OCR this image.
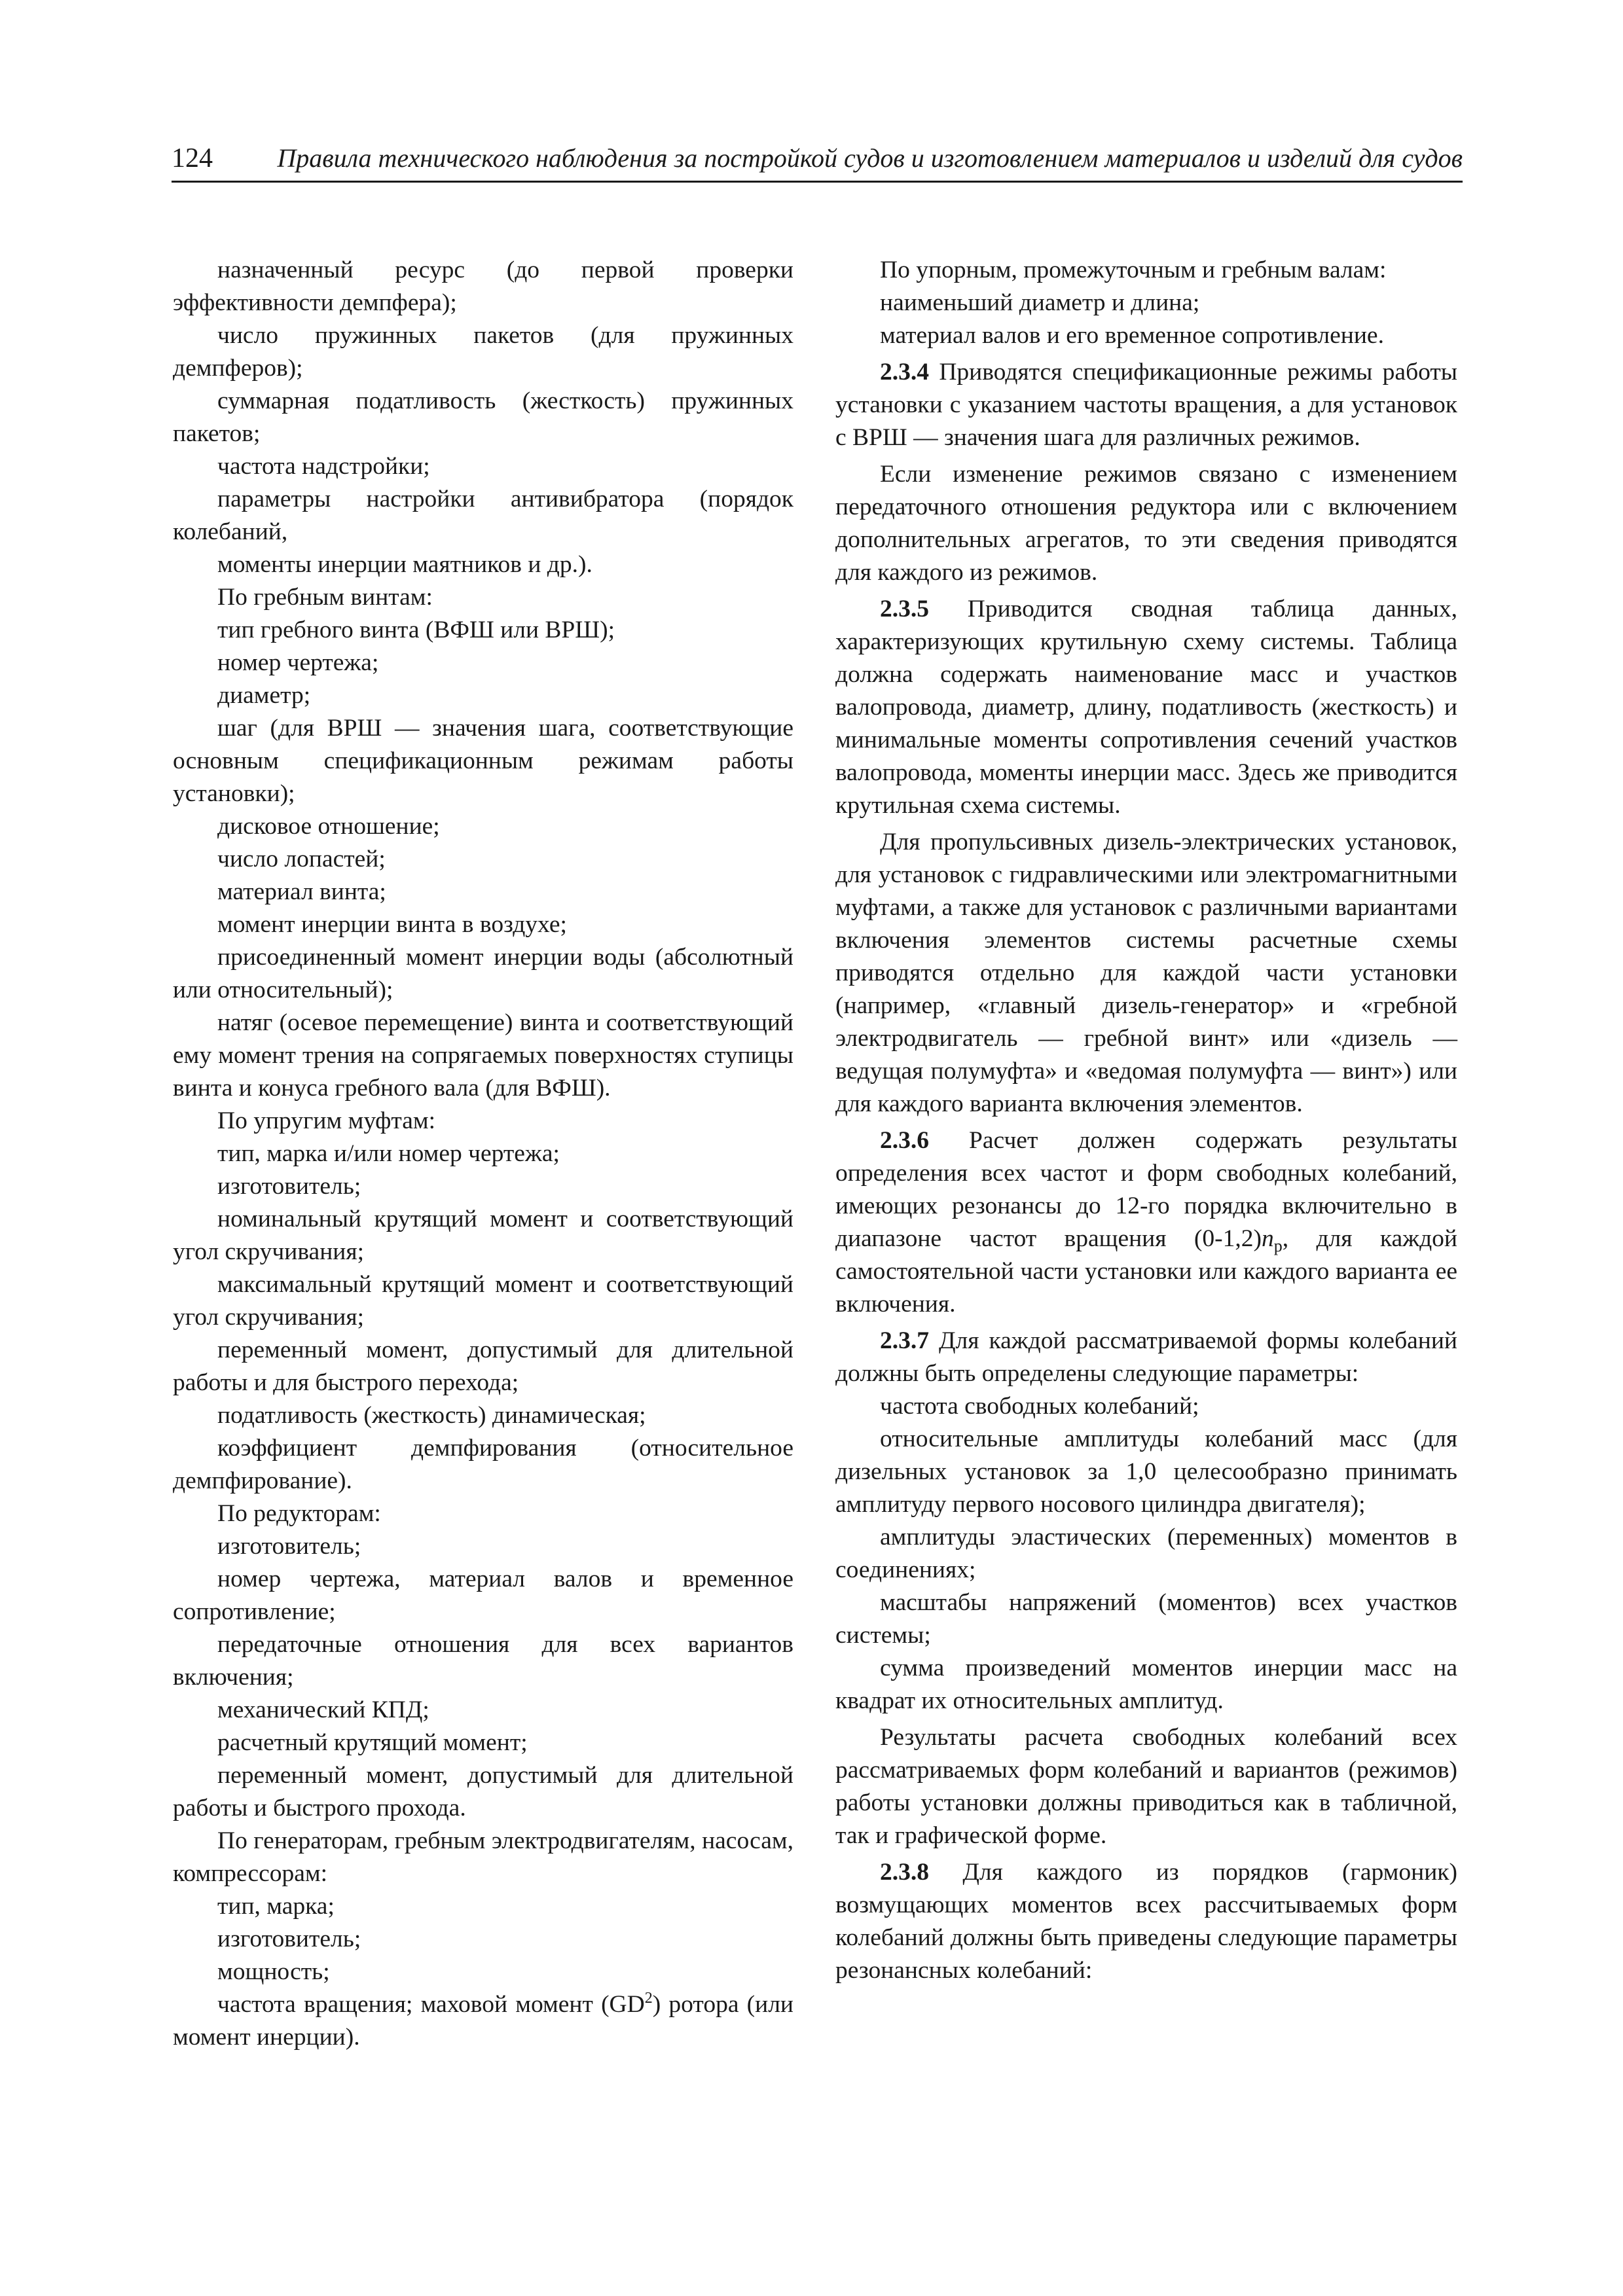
124 Правила технического наблюдения за постройкой судов и изготовлением материалов и изделий для судов

назначенный ресурс (до первой проверки эффективности демпфера);

число пружинных пакетов (для пружинных демпферов);

суммарная податливость (жесткость) пружинных пакетов;

частота надстройки;

параметры настройки антивибратора (порядок колебаний,

моменты инерции маятников и др.).

По гребным винтам:

тип гребного винта (ВФШ или ВРШ);

номер чертежа;

диаметр;

шаг (для ВРШ — значения шага, соответствующие основным спецификационным режимам работы установки);

дисковое отношение;

число лопастей;

материал винта;

момент инерции винта в воздухе;

присоединенный момент инерции воды (абсолютный или относительный);

натяг (осевое перемещение) винта и соответствующий ему момент трения на сопрягаемых поверхностях ступицы винта и конуса гребного вала (для ВФШ).

По упругим муфтам:

тип, марка и/или номер чертежа;

изготовитель;

номинальный крутящий момент и соответствующий угол скручивания;

максимальный крутящий момент и соответствующий угол скручивания;

переменный момент, допустимый для длительной работы и для быстрого перехода;

податливость (жесткость) динамическая;

коэффициент демпфирования (относительное демпфирование).

По редукторам:

изготовитель;

номер чертежа, материал валов и временное сопротивление;

передаточные отношения для всех вариантов включения;

механический КПД;

расчетный крутящий момент;

переменный момент, допустимый для длительной работы и быстрого прохода.

По генераторам, гребным электродвигателям, насосам, компрессорам:

тип, марка;

изготовитель;

мощность;

частота вращения; маховой момент $(GD^2)$ ротора (или момент инерции).

По упорным, промежуточным и гребным валам:

наименьший диаметр и длина;

материал валов и его временное сопротивление.

2.3.4 Приводятся спецификационные режимы работы установки с указанием частоты вращения, а для установок с ВРШ — значения шага для различных режимов.

Если изменение режимов связано с изменением передаточного отношения редуктора или с включением дополнительных агрегатов, то эти сведения приводятся для каждого из режимов.

2.3.5 Приводится сводная таблица данных, характеризующих крутильную схему системы. Таблица должна содержать наименование масс и участков валопровода, диаметр, длину, податливость (жесткость) и минимальные моменты сопротивления сечений участков валопровода, моменты инерции масс. Здесь же приводится крутильная схема системы.

Для пропульсивных дизель-электрических установок, для установок с гидравлическими или электромагнитными муфтами, а также для установок с различными вариантами включения элементов системы расчетные схемы приводятся отдельно для каждой части установки (например, «главный дизель-генератор» и «гребной электродвигатель — гребной винт» или «дизель — ведущая полумуфта» и «ведомая полумуфта — винт») или для каждого варианта включения элементов.

2.3.6 Расчет должен содержать результаты определения всех частот и форм свободных колебаний, имеющих резонансы до 12-го порядка включительно в диапазоне частот вращения $(0-1,2)n_р$, для каждой самостоятельной части установки или каждого варианта ее включения.

2.3.7 Для каждой рассматриваемой формы колебаний должны быть определены следующие параметры:

частота свободных колебаний;

относительные амплитуды колебаний масс (для дизельных установок за 1,0 целесообразно принимать амплитуду первого носового цилиндра двигателя);

амплитуды эластических (переменных) моментов в соединениях;

масштабы напряжений (моментов) всех участков системы;

сумма произведений моментов инерции масс на квадрат их относительных амплитуд.

Результаты расчета свободных колебаний всех рассматриваемых форм колебаний и вариантов (режимов) работы установки должны приводиться как в табличной, так и графической форме.

2.3.8 Для каждого из порядков (гармоник) возмущающих моментов всех рассчитываемых форм колебаний должны быть приведены следующие параметры резонансных колебаний:
